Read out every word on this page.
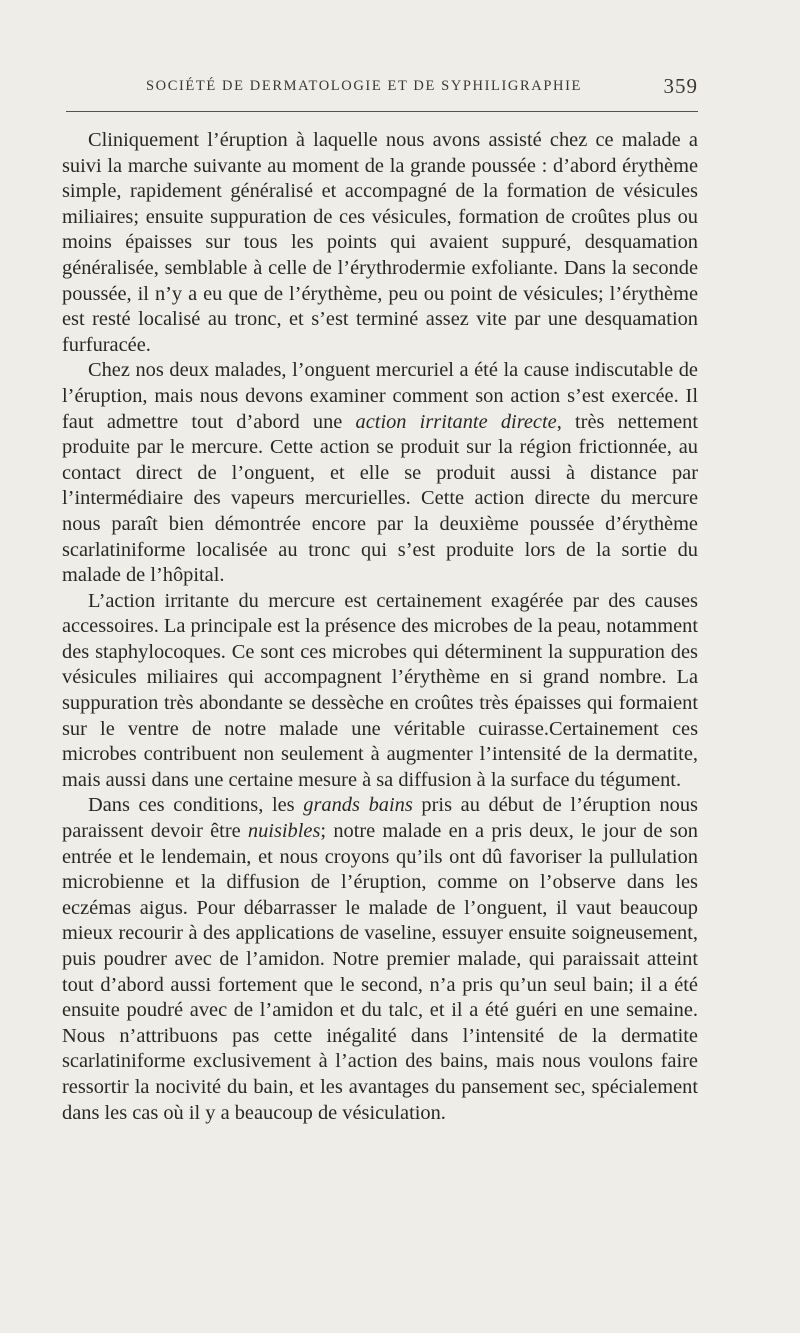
SOCIÉTÉ DE DERMATOLOGIE ET DE SYPHILIGRAPHIE	359

Cliniquement l’éruption à laquelle nous avons assisté chez ce malade a suivi la marche suivante au moment de la grande poussée : d’abord érythème simple, rapidement généralisé et accompagné de la formation de vésicules miliaires; ensuite suppuration de ces vésicules, formation de croûtes plus ou moins épaisses sur tous les points qui avaient suppuré, desquamation généralisée, semblable à celle de l’érythrodermie exfoliante. Dans la seconde poussée, il n’y a eu que de l’érythème, peu ou point de vésicules; l’érythème est resté localisé au tronc, et s’est terminé assez vite par une desquamation furfuracée.

Chez nos deux malades, l’onguent mercuriel a été la cause indiscutable de l’éruption, mais nous devons examiner comment son action s’est exercée. Il faut admettre tout d’abord une action irritante directe, très nettement produite par le mercure. Cette action se produit sur la région frictionnée, au contact direct de l’onguent, et elle se produit aussi à distance par l’intermédiaire des vapeurs mercurielles. Cette action directe du mercure nous paraît bien démontrée encore par la deuxième poussée d’érythème scarlatiniforme localisée au tronc qui s’est produite lors de la sortie du malade de l’hôpital.

L’action irritante du mercure est certainement exagérée par des causes accessoires. La principale est la présence des microbes de la peau, notamment des staphylocoques. Ce sont ces microbes qui déterminent la suppuration des vésicules miliaires qui accompagnent l’érythème en si grand nombre. La suppuration très abondante se dessèche en croûtes très épaisses qui formaient sur le ventre de notre malade une véritable cuirasse.Certainement ces microbes contribuent non seulement à augmenter l’intensité de la dermatite, mais aussi dans une certaine mesure à sa diffusion à la surface du tégument.

Dans ces conditions, les grands bains pris au début de l’éruption nous paraissent devoir être nuisibles; notre malade en a pris deux, le jour de son entrée et le lendemain, et nous croyons qu’ils ont dû favoriser la pullulation microbienne et la diffusion de l’éruption, comme on l’observe dans les eczémas aigus. Pour débarrasser le malade de l’onguent, il vaut beaucoup mieux recourir à des applications de vaseline, essuyer ensuite soigneusement, puis poudrer avec de l’amidon. Notre premier malade, qui paraissait atteint tout d’abord aussi fortement que le second, n’a pris qu’un seul bain; il a été ensuite poudré avec de l’amidon et du talc, et il a été guéri en une semaine. Nous n’attribuons pas cette inégalité dans l’intensité de la dermatite scarlatiniforme exclusivement à l’action des bains, mais nous voulons faire ressortir la nocivité du bain, et les avantages du pansement sec, spécialement dans les cas où il y a beaucoup de vésiculation.
